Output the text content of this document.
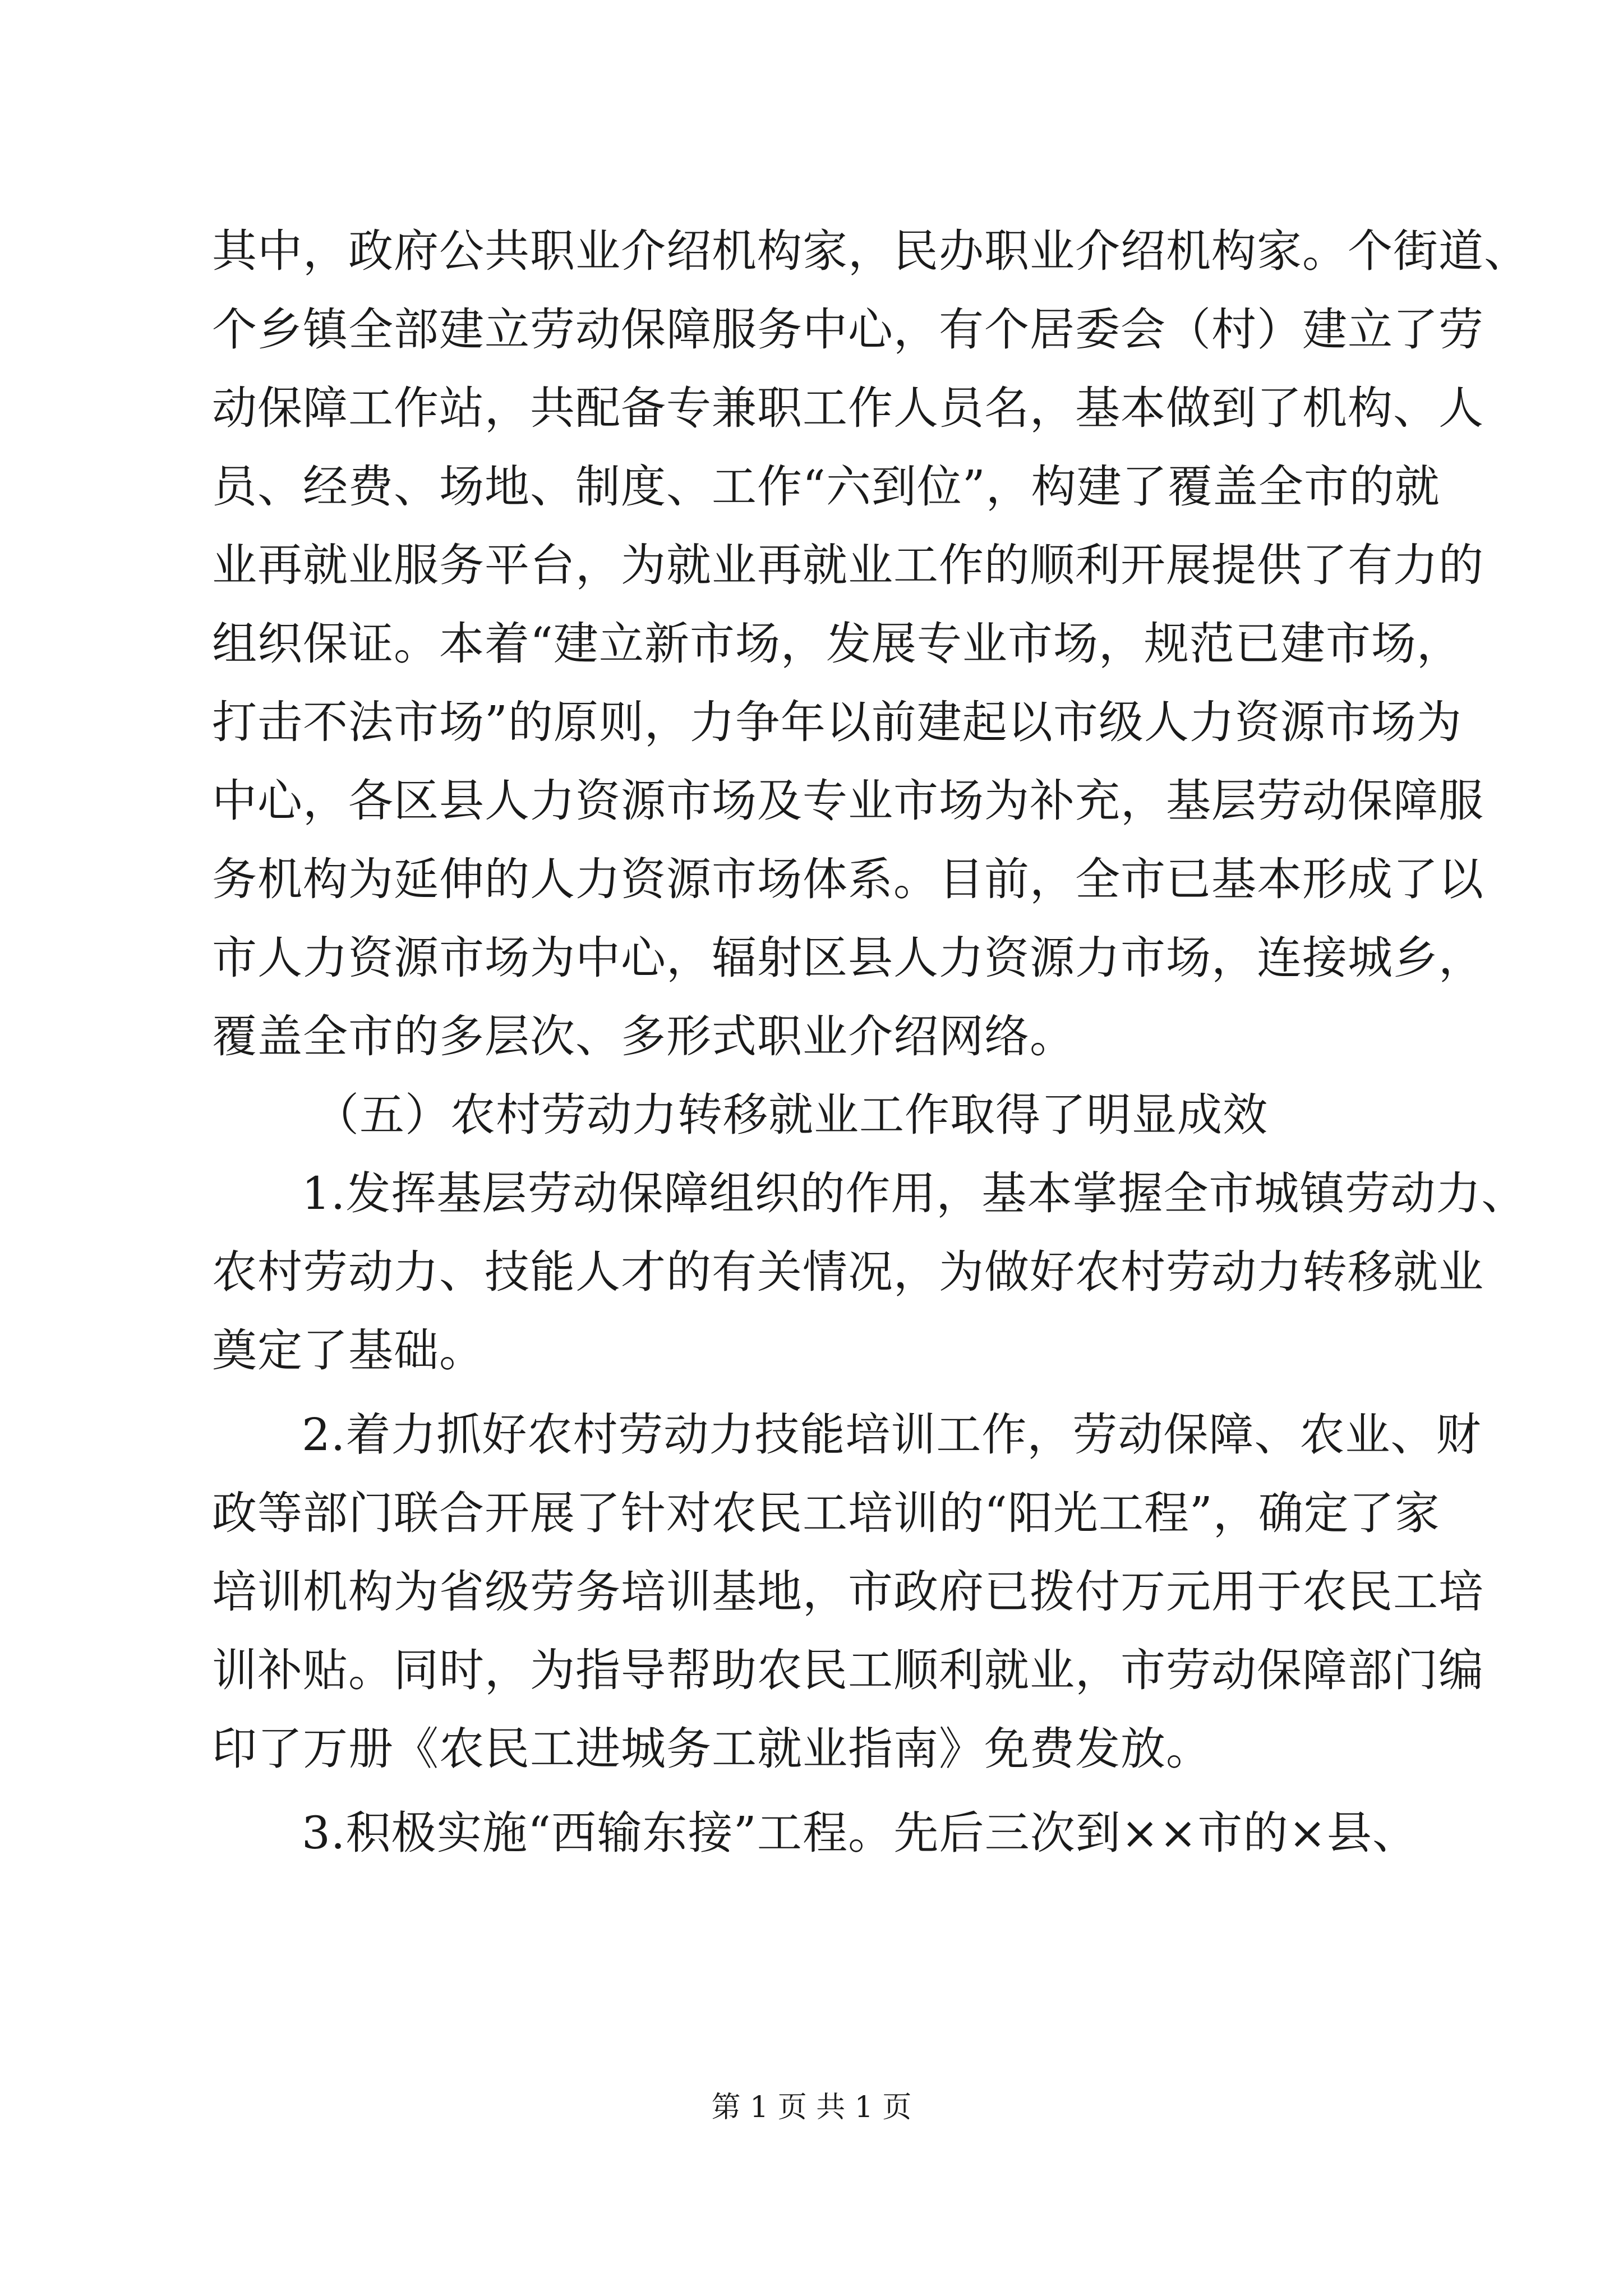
其中，政府公共职业介绍机构家，民办职业介绍机构家。个街道、
个乡镇全部建立劳动保障服务中心，有个居委会（村）建立了劳
动保障工作站，共配备专兼职工作人员名，基本做到了机构、人
员、经费、场地、制度、工作“六到位”，构建了覆盖全市的就
业再就业服务平台，为就业再就业工作的顺利开展提供了有力的
组织保证。本着“建立新市场，发展专业市场，规范已建市场，
打击不法市场”的原则，力争年以前建起以市级人力资源市场为
中心，各区县人力资源市场及专业市场为补充，基层劳动保障服
务机构为延伸的人力资源市场体系。目前，全市已基本形成了以
市人力资源市场为中心，辐射区县人力资源力市场，连接城乡，
覆盖全市的多层次、多形式职业介绍网络。
（五）农村劳动力转移就业工作取得了明显成效
1.发挥基层劳动保障组织的作用，基本掌握全市城镇劳动力、
农村劳动力、技能人才的有关情况，为做好农村劳动力转移就业
奠定了基础。
2.着力抓好农村劳动力技能培训工作，劳动保障、农业、财
政等部门联合开展了针对农民工培训的“阳光工程”，确定了家
培训机构为省级劳务培训基地，市政府已拨付万元用于农民工培
训补贴。同时，为指导帮助农民工顺利就业，市劳动保障部门编
印了万册《农民工进城务工就业指南》免费发放。
3.积极实施“西输东接”工程。先后三次到××市的×县、
第 1 页 共 1 页
